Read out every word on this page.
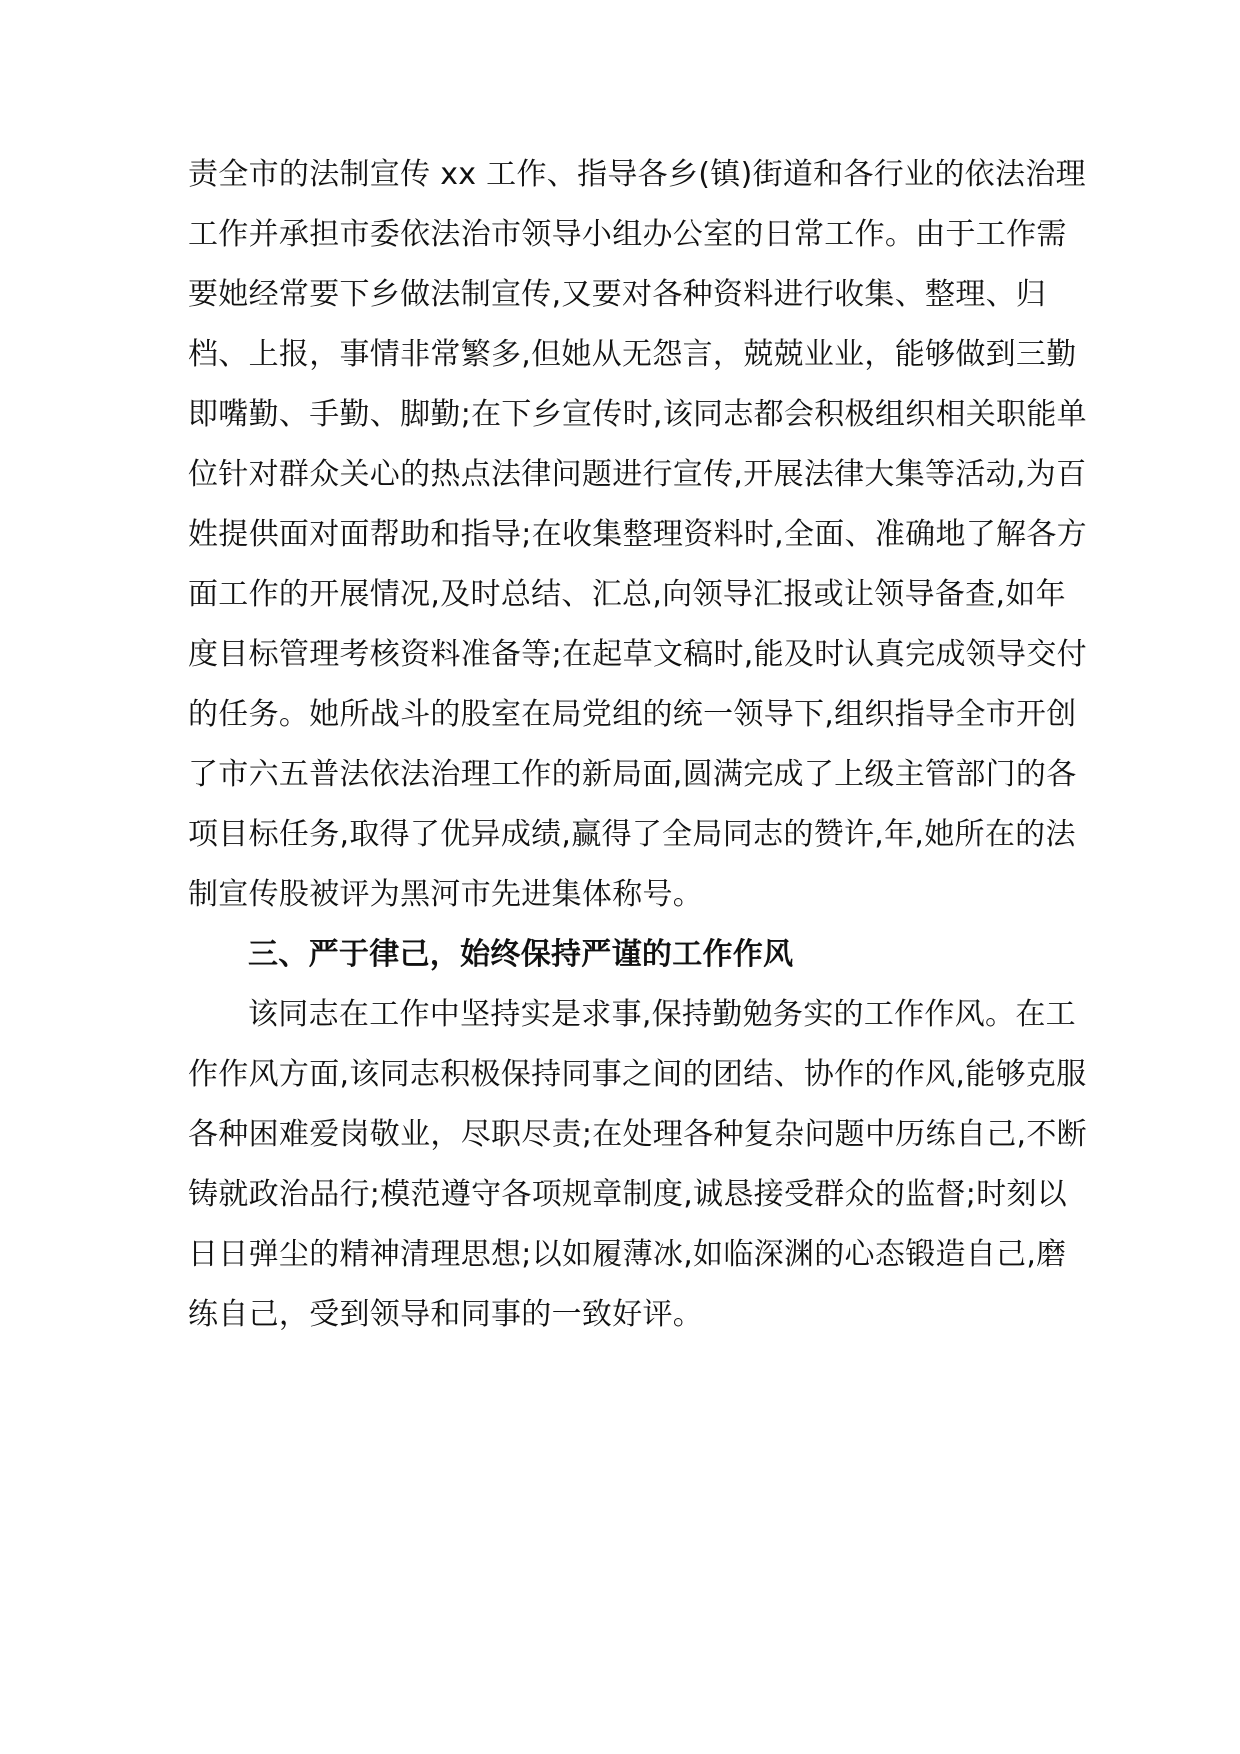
责全市的法制宣传 xx 工作、指导各乡(镇)街道和各行业的依法治理
工作并承担市委依法治市领导小组办公室的日常工作。由于工作需
要她经常要下乡做法制宣传,又要对各种资料进行收集、整理、归
档、上报，事情非常繁多,但她从无怨言，兢兢业业，能够做到三勤
即嘴勤、手勤、脚勤;在下乡宣传时,该同志都会积极组织相关职能单
位针对群众关心的热点法律问题进行宣传,开展法律大集等活动,为百
姓提供面对面帮助和指导;在收集整理资料时,全面、准确地了解各方
面工作的开展情况,及时总结、汇总,向领导汇报或让领导备查,如年
度目标管理考核资料准备等;在起草文稿时,能及时认真完成领导交付
的任务。她所战斗的股室在局党组的统一领导下,组织指导全市开创
了市六五普法依法治理工作的新局面,圆满完成了上级主管部门的各
项目标任务,取得了优异成绩,赢得了全局同志的赞许,年,她所在的法
制宣传股被评为黑河市先进集体称号。
三、严于律己，始终保持严谨的工作作风
该同志在工作中坚持实是求事,保持勤勉务实的工作作风。在工
作作风方面,该同志积极保持同事之间的团结、协作的作风,能够克服
各种困难爱岗敬业，尽职尽责;在处理各种复杂问题中历练自己,不断
铸就政治品行;模范遵守各项规章制度,诚恳接受群众的监督;时刻以
日日弹尘的精神清理思想;以如履薄冰,如临深渊的心态锻造自己,磨
练自己，受到领导和同事的一致好评。
